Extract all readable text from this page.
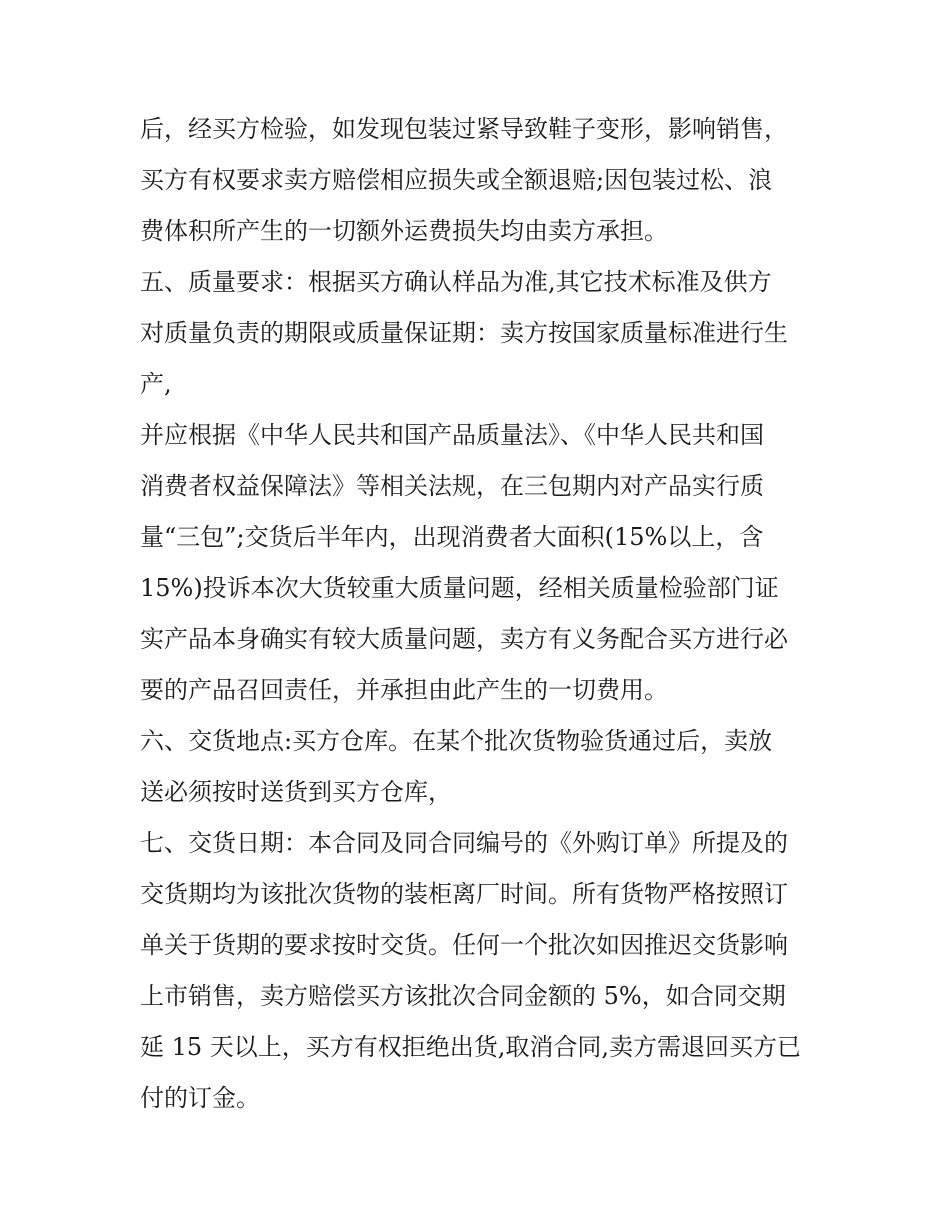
后，经买方检验，如发现包装过紧导致鞋子变形，影响销售，
买方有权要求卖方赔偿相应损失或全额退赔;因包装过松、浪
费体积所产生的一切额外运费损失均由卖方承担。
五、质量要求：根据买方确认样品为准,其它技术标准及供方
对质量负责的期限或质量保证期：卖方按国家质量标准进行生
产,
并应根据《中华人民共和国产品质量法》、《中华人民共和国
消费者权益保障法》等相关法规，在三包期内对产品实行质
量“三包”;交货后半年内，出现消费者大面积(15%以上，含
15%)投诉本次大货较重大质量问题，经相关质量检验部门证
实产品本身确实有较大质量问题，卖方有义务配合买方进行必
要的产品召回责任，并承担由此产生的一切费用。
六、交货地点:买方仓库。在某个批次货物验货通过后，卖放
送必须按时送货到买方仓库，
七、交货日期：本合同及同合同编号的《外购订单》所提及的
交货期均为该批次货物的装柜离厂时间。所有货物严格按照订
单关于货期的要求按时交货。任何一个批次如因推迟交货影响
上市销售，卖方赔偿买方该批次合同金额的 5%，如合同交期
延 15 天以上，买方有权拒绝出货,取消合同,卖方需退回买方已
付的订金。
